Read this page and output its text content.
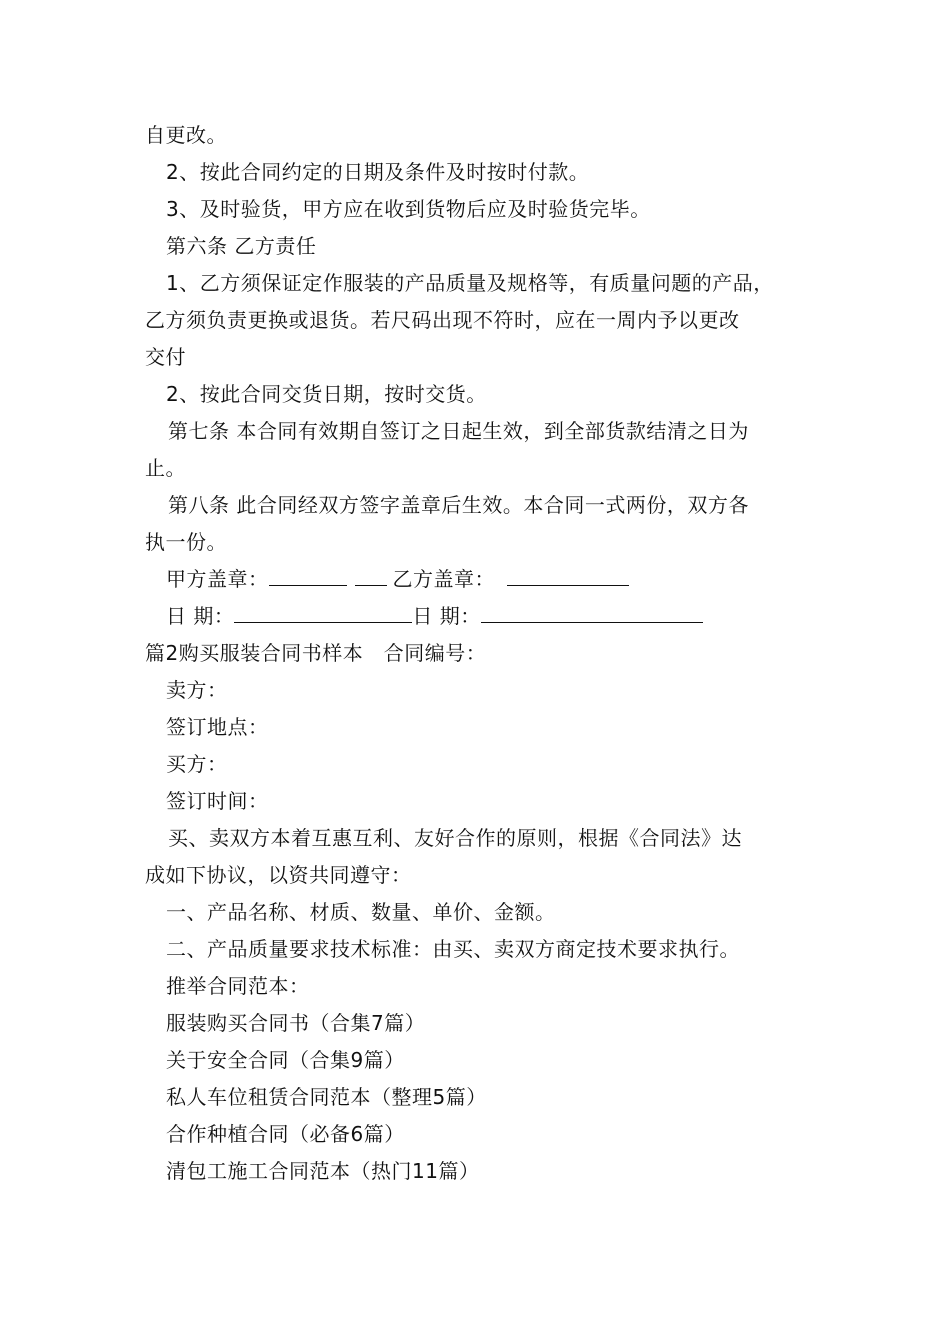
自更改。
2、按此合同约定的日期及条件及时按时付款。
3、及时验货，甲方应在收到货物后应及时验货完毕。
第六条 乙方责任
1、乙方须保证定作服装的产品质量及规格等，有质量问题的产品，
乙方须负责更换或退货。若尺码出现不符时，应在一周内予以更改
交付
2、按此合同交货日期，按时交货。
第七条 本合同有效期自签订之日起生效，到全部货款结清之日为
止。
第八条 此合同经双方签字盖章后生效。本合同一式两份，双方各
执一份。
甲方盖章：	乙方盖章：
日 期：	日 期：
篇2购买服装合同书样本　合同编号：
卖方：
签订地点：
买方：
签订时间：
买、卖双方本着互惠互利、友好合作的原则，根据《合同法》达
成如下协议，以资共同遵守：
一、产品名称、材质、数量、单价、金额。
二、产品质量要求技术标准：由买、卖双方商定技术要求执行。
推举合同范本：
服装购买合同书（合集7篇）
关于安全合同（合集9篇）
私人车位租赁合同范本（整理5篇）
合作种植合同（必备6篇）
清包工施工合同范本（热门11篇）
